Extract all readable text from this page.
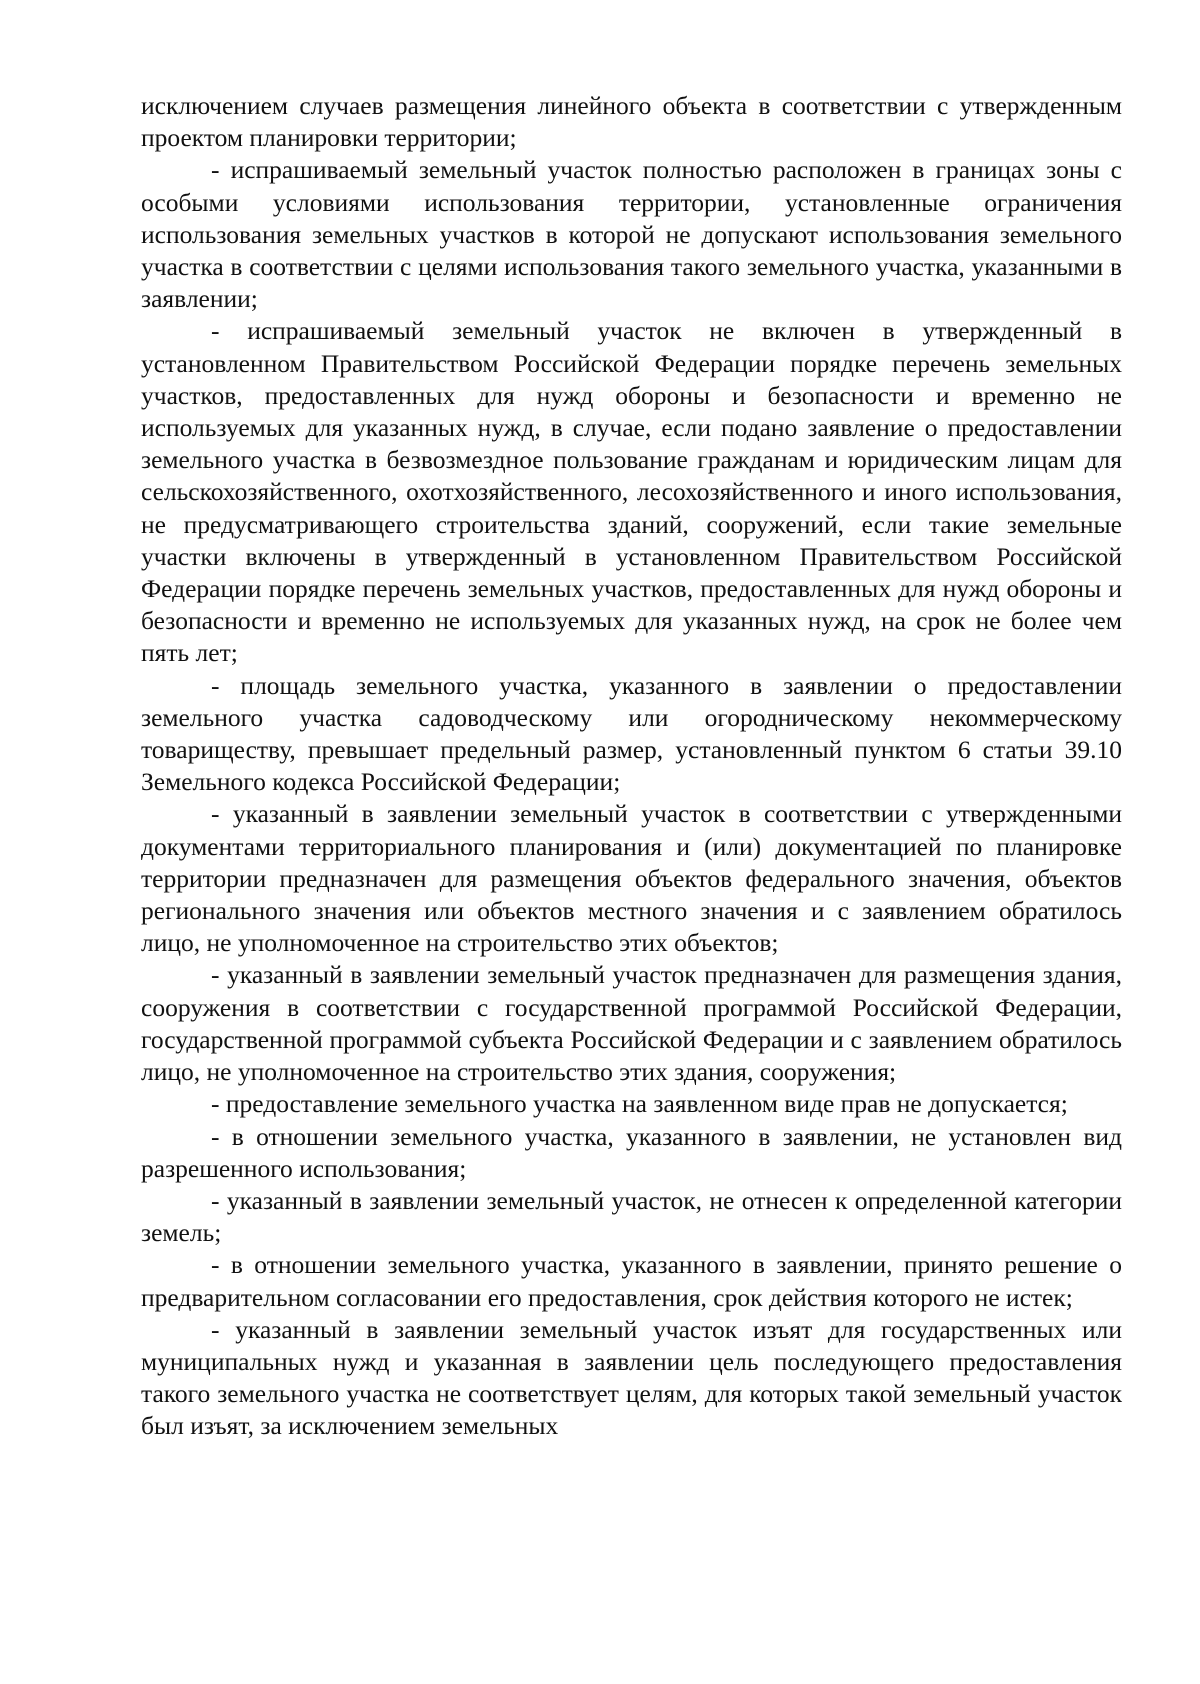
исключением случаев размещения линейного объекта в соответствии с утвержденным проектом планировки территории;

- испрашиваемый земельный участок полностью расположен в границах зоны с особыми условиями использования территории, установленные ограничения использования земельных участков в которой не допускают использования земельного участка в соответствии с целями использования такого земельного участка, указанными в заявлении;

- испрашиваемый земельный участок не включен в утвержденный в установленном Правительством Российской Федерации порядке перечень земельных участков, предоставленных для нужд обороны и безопасности и временно не используемых для указанных нужд, в случае, если подано заявление о предоставлении земельного участка в безвозмездное пользование гражданам и юридическим лицам для сельскохозяйственного, охотхозяйственного, лесохозяйственного и иного использования, не предусматривающего строительства зданий, сооружений, если такие земельные участки включены в утвержденный в установленном Правительством Российской Федерации порядке перечень земельных участков, предоставленных для нужд обороны и безопасности и временно не используемых для указанных нужд, на срок не более чем пять лет;

- площадь земельного участка, указанного в заявлении о предоставлении земельного участка садоводческому или огородническому некоммерческому товариществу, превышает предельный размер, установленный пунктом 6 статьи 39.10 Земельного кодекса Российской Федерации;

- указанный в заявлении земельный участок в соответствии с утвержденными документами территориального планирования и (или) документацией по планировке территории предназначен для размещения объектов федерального значения, объектов регионального значения или объектов местного значения и с заявлением обратилось лицо, не уполномоченное на строительство этих объектов;

- указанный в заявлении земельный участок предназначен для размещения здания, сооружения в соответствии с государственной программой Российской Федерации, государственной программой субъекта Российской Федерации и с заявлением обратилось лицо, не уполномоченное на строительство этих здания, сооружения;

- предоставление земельного участка на заявленном виде прав не допускается;

- в отношении земельного участка, указанного в заявлении, не установлен вид разрешенного использования;

- указанный в заявлении земельный участок, не отнесен к определенной категории земель;

- в отношении земельного участка, указанного в заявлении, принято решение о предварительном согласовании его предоставления, срок действия которого не истек;

- указанный в заявлении земельный участок изъят для государственных или муниципальных нужд и указанная в заявлении цель последующего предоставления такого земельного участка не соответствует целям, для которых такой земельный участок был изъят, за исключением земельных
